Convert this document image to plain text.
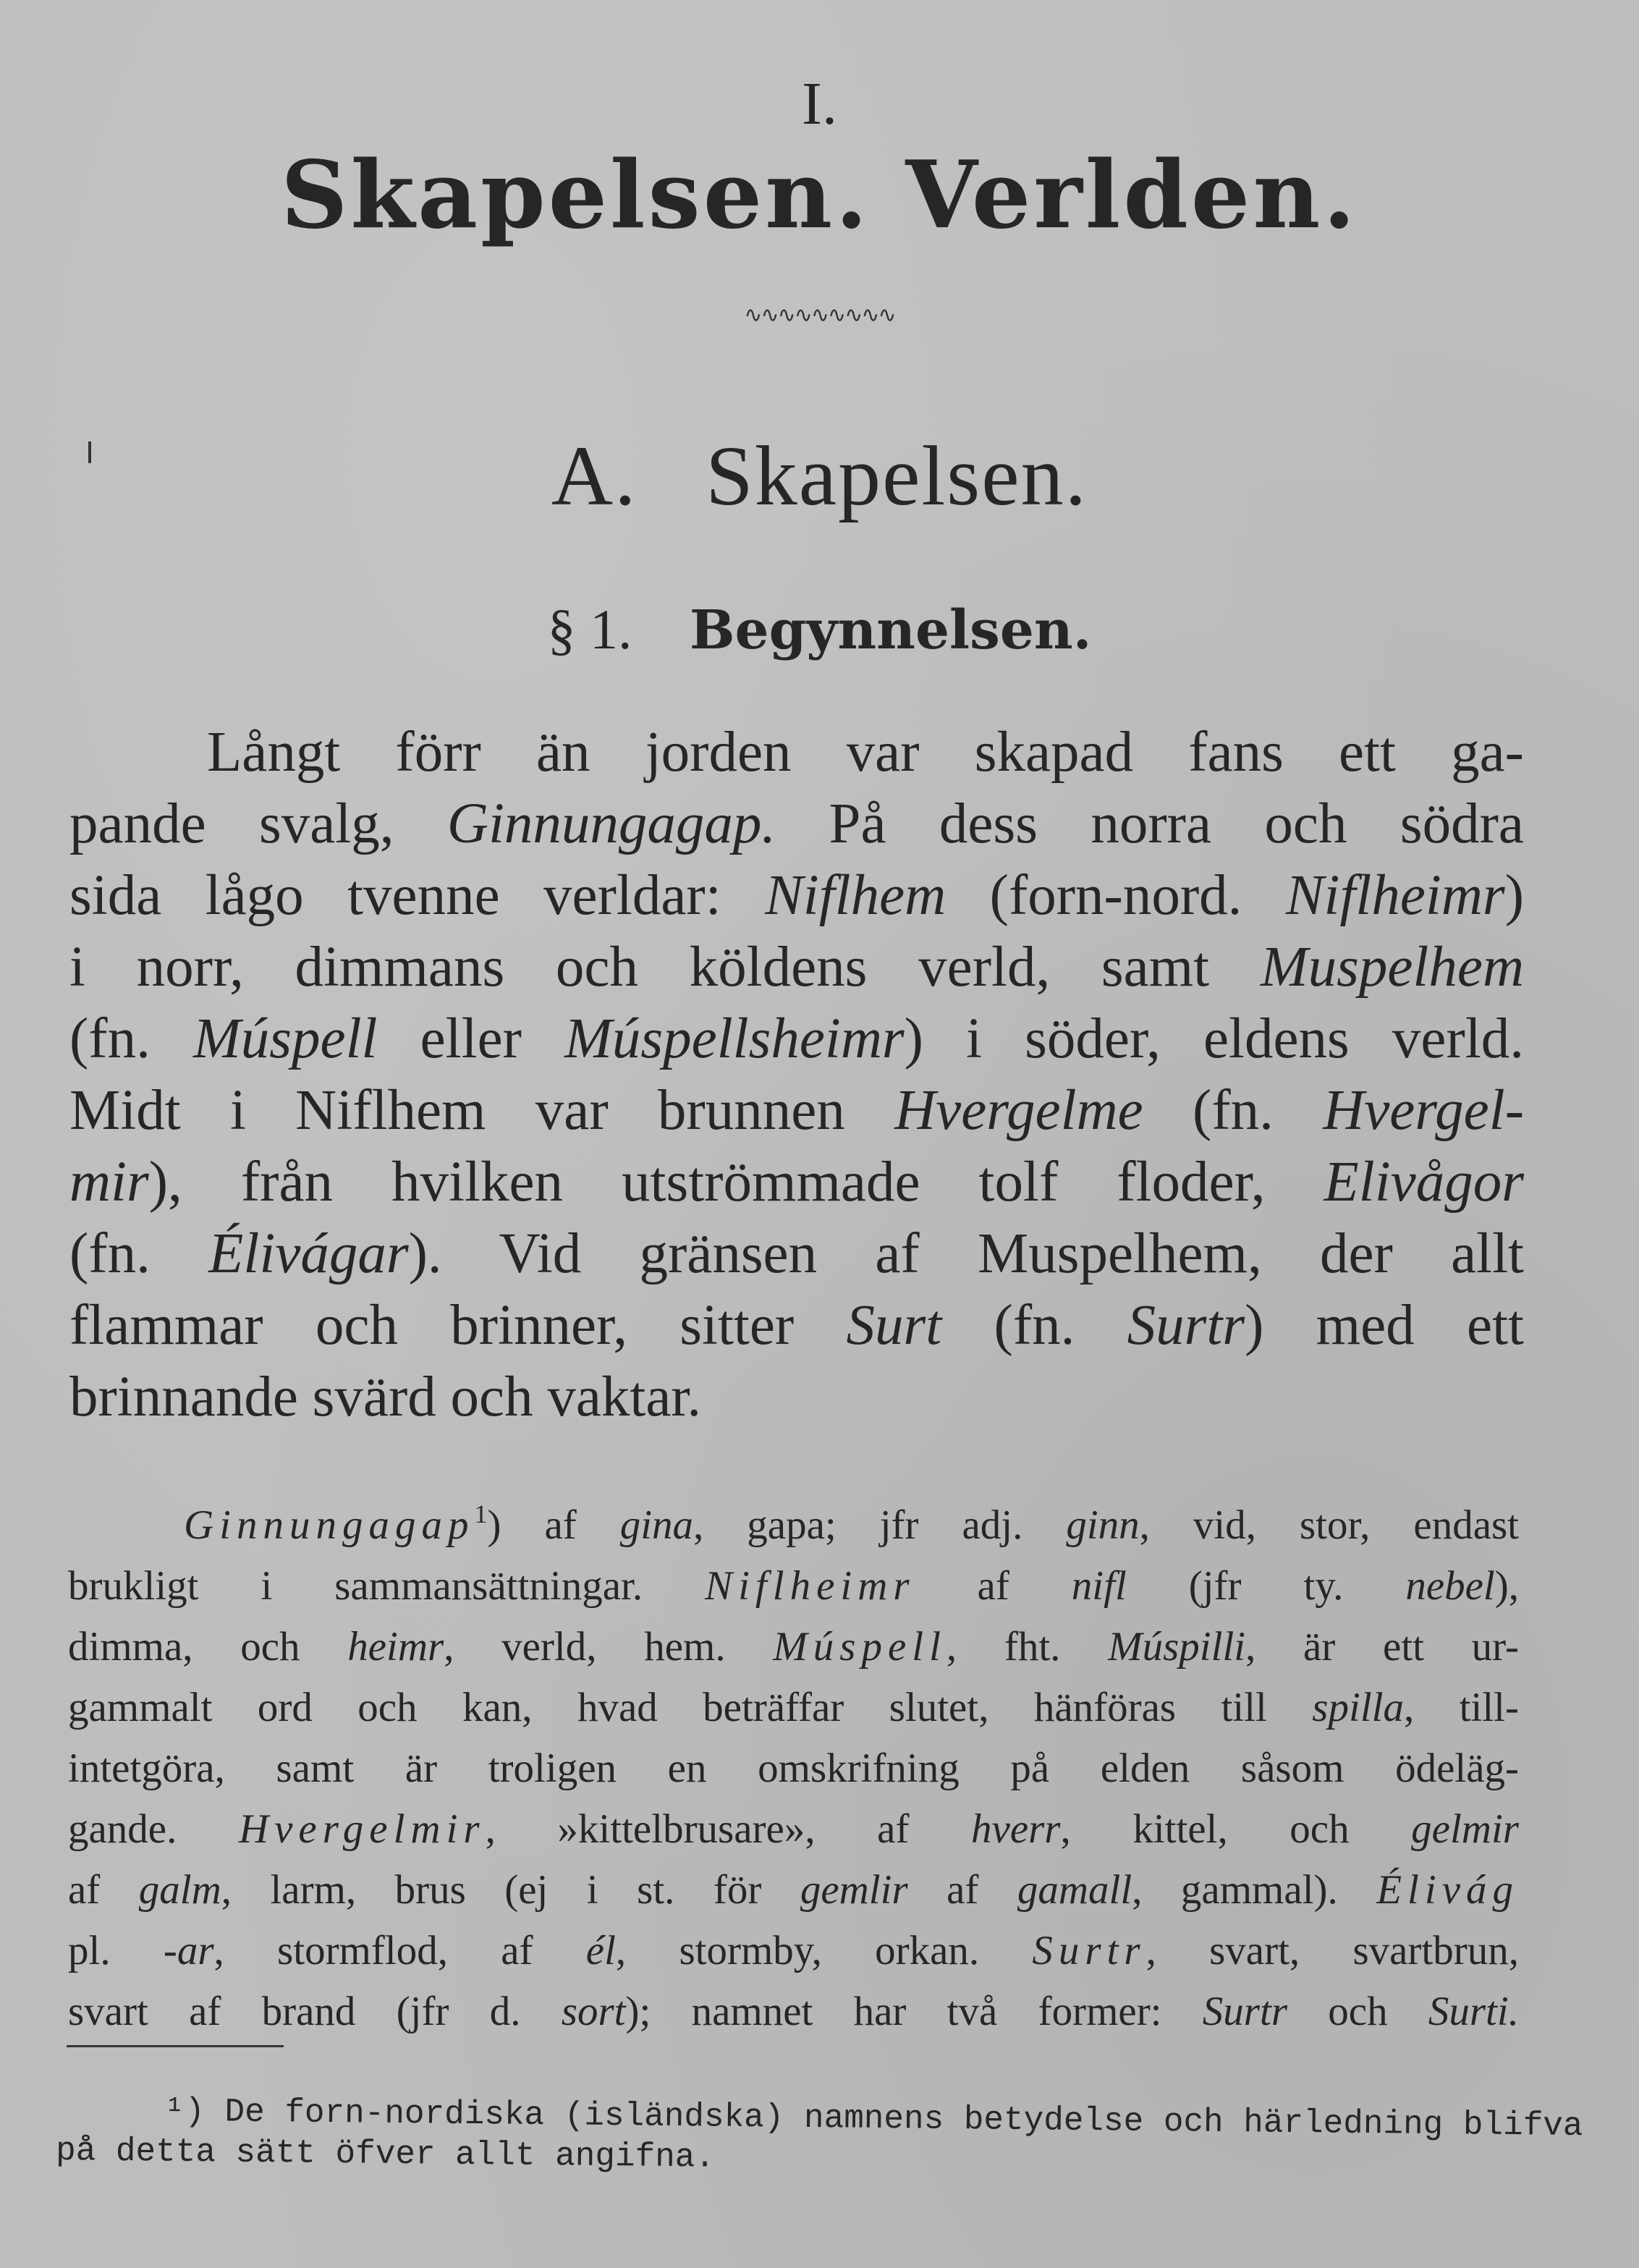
I.
Skapelsen. Verlden.
∿∿∿∿∿∿∿∿∿
A.   Skapelsen.
§ 1. Begynnelsen.
Långt förr än jorden var skapad fans ett ga-
pande svalg, Ginnungagap. På dess norra och södra
sida lågo tvenne verldar: Niflhem (forn-nord. Niflheimr)
i norr, dimmans och köldens verld, samt Muspelhem
(fn. Múspell eller Múspellsheimr) i söder, eldens verld.
Midt i Niflhem var brunnen Hvergelme (fn. Hvergel-
mir), från hvilken utströmmade tolf floder, Elivågor
(fn. Élivágar). Vid gränsen af Muspelhem, der allt
flammar och brinner, sitter Surt (fn. Surtr) med ett
brinnande svärd och vaktar.
Ginnungagap$^1$) af gina, gapa; jfr adj. ginn, vid, stor, endast
brukligt i sammansättningar. Niflheimr af nifl (jfr ty. nebel),
dimma, och heimr, verld, hem. Múspell, fht. Múspilli, är ett ur-
gammalt ord och kan, hvad beträffar slutet, hänföras till spilla, till-
intetgöra, samt är troligen en omskrifning på elden såsom ödeläg-
gande. Hvergelmir, »kittelbrusare», af hverr, kittel, och gelmir
af galm, larm, brus (ej i st. för gemlir af gamall, gammal). Élivág
pl. -ar, stormflod, af él, stormby, orkan. Surtr, svart, svartbrun,
svart af brand (jfr d. sort); namnet har två former: Surtr och Surti.
¹) De forn-nordiska (isländska) namnens betydelse och härledning blifva
på detta sätt öfver allt angifna.
